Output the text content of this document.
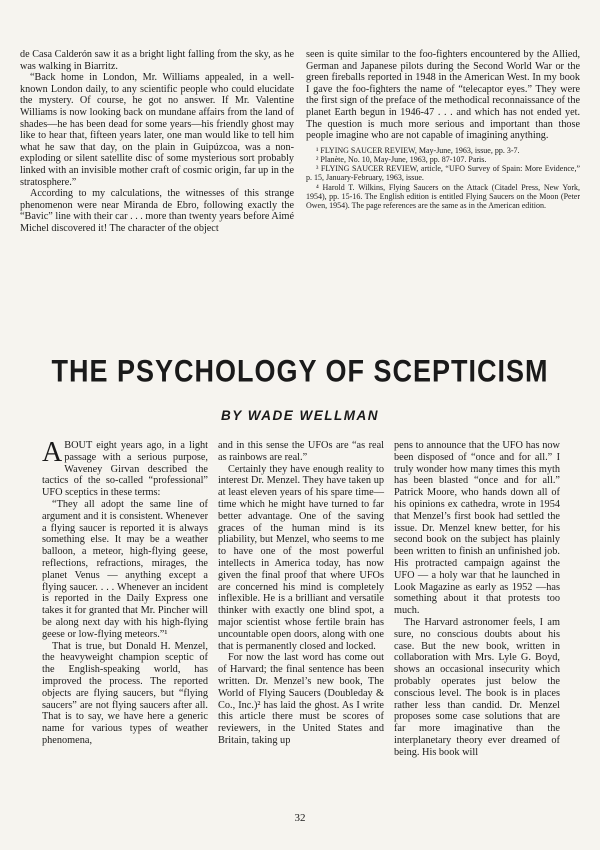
de Casa Calderón saw it as a bright light falling from the sky, as he was walking in Biarritz.

“Back home in London, Mr. Williams appealed, in a well-known London daily, to any scientific people who could elucidate the mystery. Of course, he got no answer. If Mr. Valentine Williams is now looking back on mundane affairs from the land of shades—he has been dead for some years—his friendly ghost may like to hear that, fifteen years later, one man would like to tell him what he saw that day, on the plain in Guipúzcoa, was a non-exploding or silent satellite disc of some mysterious sort probably linked with an invisible mother craft of cosmic origin, far up in the stratosphere.”

According to my calculations, the witnesses of this strange phenomenon were near Miranda de Ebro, following exactly the “Bavic” line with their car . . . more than twenty years before Aimé Michel discovered it! The character of the object

seen is quite similar to the foo-fighters encountered by the Allied, German and Japanese pilots during the Second World War or the green fireballs reported in 1948 in the American West. In my book I gave the foo-fighters the name of “telecaptor eyes.” They were the first sign of the preface of the methodical reconnaissance of the planet Earth begun in 1946-47 . . . and which has not ended yet. The question is much more serious and important than those people imagine who are not capable of imagining anything.

¹ FLYING SAUCER REVIEW, May-June, 1963, issue, pp. 3-7.

² Planète, No. 10, May-June, 1963, pp. 87-107. Paris.

³ FLYING SAUCER REVIEW, article, “UFO Survey of Spain: More Evidence,” p. 15, January-February, 1963, issue.

⁴ Harold T. Wilkins, Flying Saucers on the Attack (Citadel Press, New York, 1954), pp. 15-16. The English edition is entitled Flying Saucers on the Moon (Peter Owen, 1954). The page references are the same as in the American edition.

THE PSYCHOLOGY OF SCEPTICISM
BY WADE WELLMAN

ABOUT eight years ago, in a light passage with a serious purpose, Waveney Girvan described the tactics of the so-called “professional” UFO sceptics in these terms:

“They all adopt the same line of argument and it is consistent. Whenever a flying saucer is reported it is always something else. It may be a weather balloon, a meteor, high-flying geese, reflections, refractions, mirages, the planet Venus — anything except a flying saucer. . . . Whenever an incident is reported in the Daily Express one takes it for granted that Mr. Pincher will be along next day with his high-flying geese or low-flying meteors.”¹

That is true, but Donald H. Menzel, the heavyweight champion sceptic of the English-speaking world, has improved the process. The reported objects are flying saucers, but “flying saucers” are not flying saucers after all. That is to say, we have here a generic name for various types of weather phenomena,

and in this sense the UFOs are “as real as rainbows are real.”

Certainly they have enough reality to interest Dr. Menzel. They have taken up at least eleven years of his spare time—time which he might have turned to far better advantage. One of the saving graces of the human mind is its pliability, but Menzel, who seems to me to have one of the most powerful intellects in America today, has now given the final proof that where UFOs are concerned his mind is completely inflexible. He is a brilliant and versatile thinker with exactly one blind spot, a major scientist whose fertile brain has uncountable open doors, along with one that is permanently closed and locked.

For now the last word has come out of Harvard; the final sentence has been written. Dr. Menzel’s new book, The World of Flying Saucers (Doubleday & Co., Inc.)² has laid the ghost. As I write this article there must be scores of reviewers, in the United States and Britain, taking up

pens to announce that the UFO has now been disposed of “once and for all.” I truly wonder how many times this myth has been blasted “once and for all.” Patrick Moore, who hands down all of his opinions ex cathedra, wrote in 1954 that Menzel’s first book had settled the issue. Dr. Menzel knew better, for his second book on the subject has plainly been written to finish an unfinished job. His protracted campaign against the UFO — a holy war that he launched in Look Magazine as early as 1952 —has something about it that protests too much.

The Harvard astronomer feels, I am sure, no conscious doubts about his case. But the new book, written in collaboration with Mrs. Lyle G. Boyd, shows an occasional insecurity which probably operates just below the conscious level. The book is in places rather less than candid. Dr. Menzel proposes some case solutions that are far more imaginative than the interplanetary theory ever dreamed of being. His book will

32
